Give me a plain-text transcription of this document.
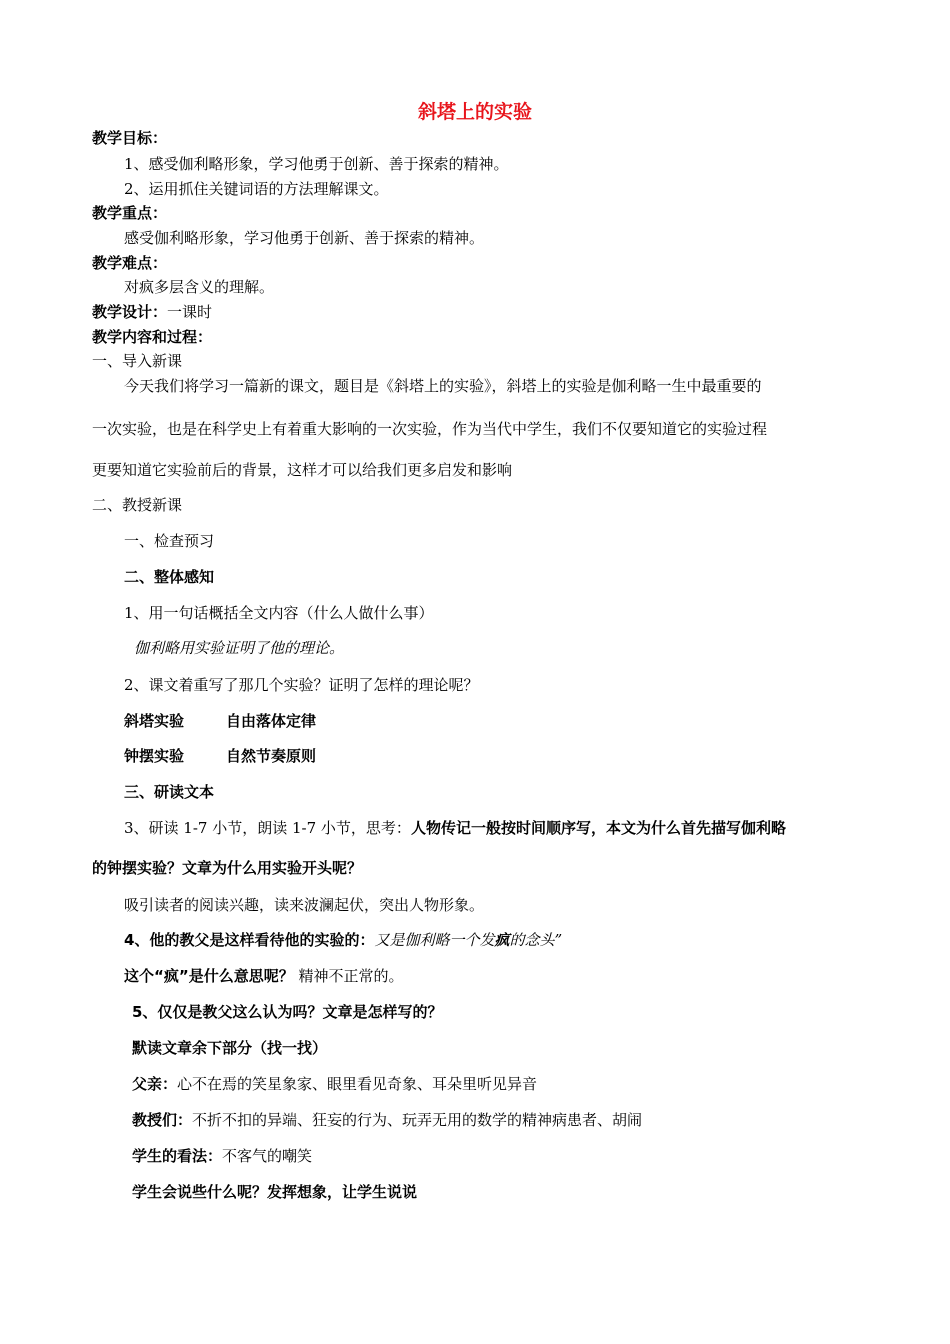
斜塔上的实验
教学目标：
1、感受伽利略形象，学习他勇于创新、善于探索的精神。
2、运用抓住关键词语的方法理解课文。
教学重点：
感受伽利略形象，学习他勇于创新、善于探索的精神。
教学难点：
对疯多层含义的理解。
教学设计：一课时
教学内容和过程：
一、导入新课
今天我们将学习一篇新的课文，题目是《斜塔上的实验》，斜塔上的实验是伽利略一生中最重要的
一次实验，也是在科学史上有着重大影响的一次实验，作为当代中学生，我们不仅要知道它的实验过程
更要知道它实验前后的背景，这样才可以给我们更多启发和影响
二、教授新课
一、检查预习
二、整体感知
1、用一句话概括全文内容（什么人做什么事）
伽利略用实验证明了他的理论。
2、课文着重写了那几个实验？证明了怎样的理论呢？
斜塔实验	自由落体定律
钟摆实验	自然节奏原则
三、研读文本
3、研读 1-7 小节，朗读 1-7 小节，思考：人物传记一般按时间顺序写，本文为什么首先描写伽利略
的钟摆实验？文章为什么用实验开头呢？
吸引读者的阅读兴趣，读来波澜起伏，突出人物形象。
4、他的教父是这样看待他的实验的：又是伽利略一个发疯的念头”
这个“疯”是什么意思呢？ 精神不正常的。
5、仅仅是教父这么认为吗？文章是怎样写的？
默读文章余下部分（找一找）
父亲：心不在焉的笑星象家、眼里看见奇象、耳朵里听见异音
教授们：不折不扣的异端、狂妄的行为、玩弄无用的数学的精神病患者、胡闹
学生的看法：不客气的嘲笑
学生会说些什么呢？发挥想象，让学生说说
